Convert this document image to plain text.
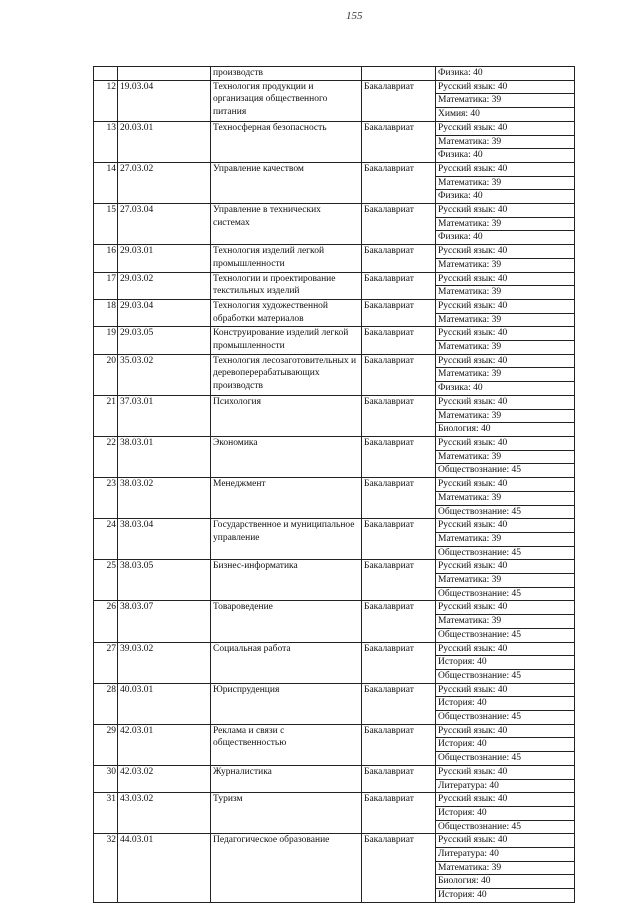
155
		производств		Физика: 40
12	19.03.04	Технология продукции и организация общественного питания	Бакалавриат	Русский язык: 40
				Математика: 39
				Химия: 40
13	20.03.01	Техносферная безопасность	Бакалавриат	Русский язык: 40
				Математика: 39
				Физика: 40
14	27.03.02	Управление качеством	Бакалавриат	Русский язык: 40
				Математика: 39
				Физика: 40
15	27.03.04	Управление в технических системах	Бакалавриат	Русский язык: 40
				Математика: 39
				Физика: 40
16	29.03.01	Технология изделий легкой промышленности	Бакалавриат	Русский язык: 40
				Математика: 39
17	29.03.02	Технологии и проектирование текстильных изделий	Бакалавриат	Русский язык: 40
				Математика: 39
18	29.03.04	Технология художественной обработки материалов	Бакалавриат	Русский язык: 40
				Математика: 39
19	29.03.05	Конструирование изделий легкой промышленности	Бакалавриат	Русский язык: 40
				Математика: 39
20	35.03.02	Технология лесозаготовительных и деревоперерабатывающих производств	Бакалавриат	Русский язык: 40
				Математика: 39
				Физика: 40
21	37.03.01	Психология	Бакалавриат	Русский язык: 40
				Математика: 39
				Биология: 40
22	38.03.01	Экономика	Бакалавриат	Русский язык: 40
				Математика: 39
				Обществознание: 45
23	38.03.02	Менеджмент	Бакалавриат	Русский язык: 40
				Математика: 39
				Обществознание: 45
24	38.03.04	Государственное и муниципальное управление	Бакалавриат	Русский язык: 40
				Математика: 39
				Обществознание: 45
25	38.03.05	Бизнес-информатика	Бакалавриат	Русский язык: 40
				Математика: 39
				Обществознание: 45
26	38.03.07	Товароведение	Бакалавриат	Русский язык: 40
				Математика: 39
				Обществознание: 45
27	39.03.02	Социальная работа	Бакалавриат	Русский язык: 40
				История: 40
				Обществознание: 45
28	40.03.01	Юриспруденция	Бакалавриат	Русский язык: 40
				История: 40
				Обществознание: 45
29	42.03.01	Реклама и связи с общественностью	Бакалавриат	Русский язык: 40
				История: 40
				Обществознание: 45
30	42.03.02	Журналистика	Бакалавриат	Русский язык: 40
				Литература: 40
31	43.03.02	Туризм	Бакалавриат	Русский язык: 40
				История: 40
				Обществознание: 45
32	44.03.01	Педагогическое образование	Бакалавриат	Русский язык: 40
				Литература: 40
				Математика: 39
				Биология: 40
				История: 40
